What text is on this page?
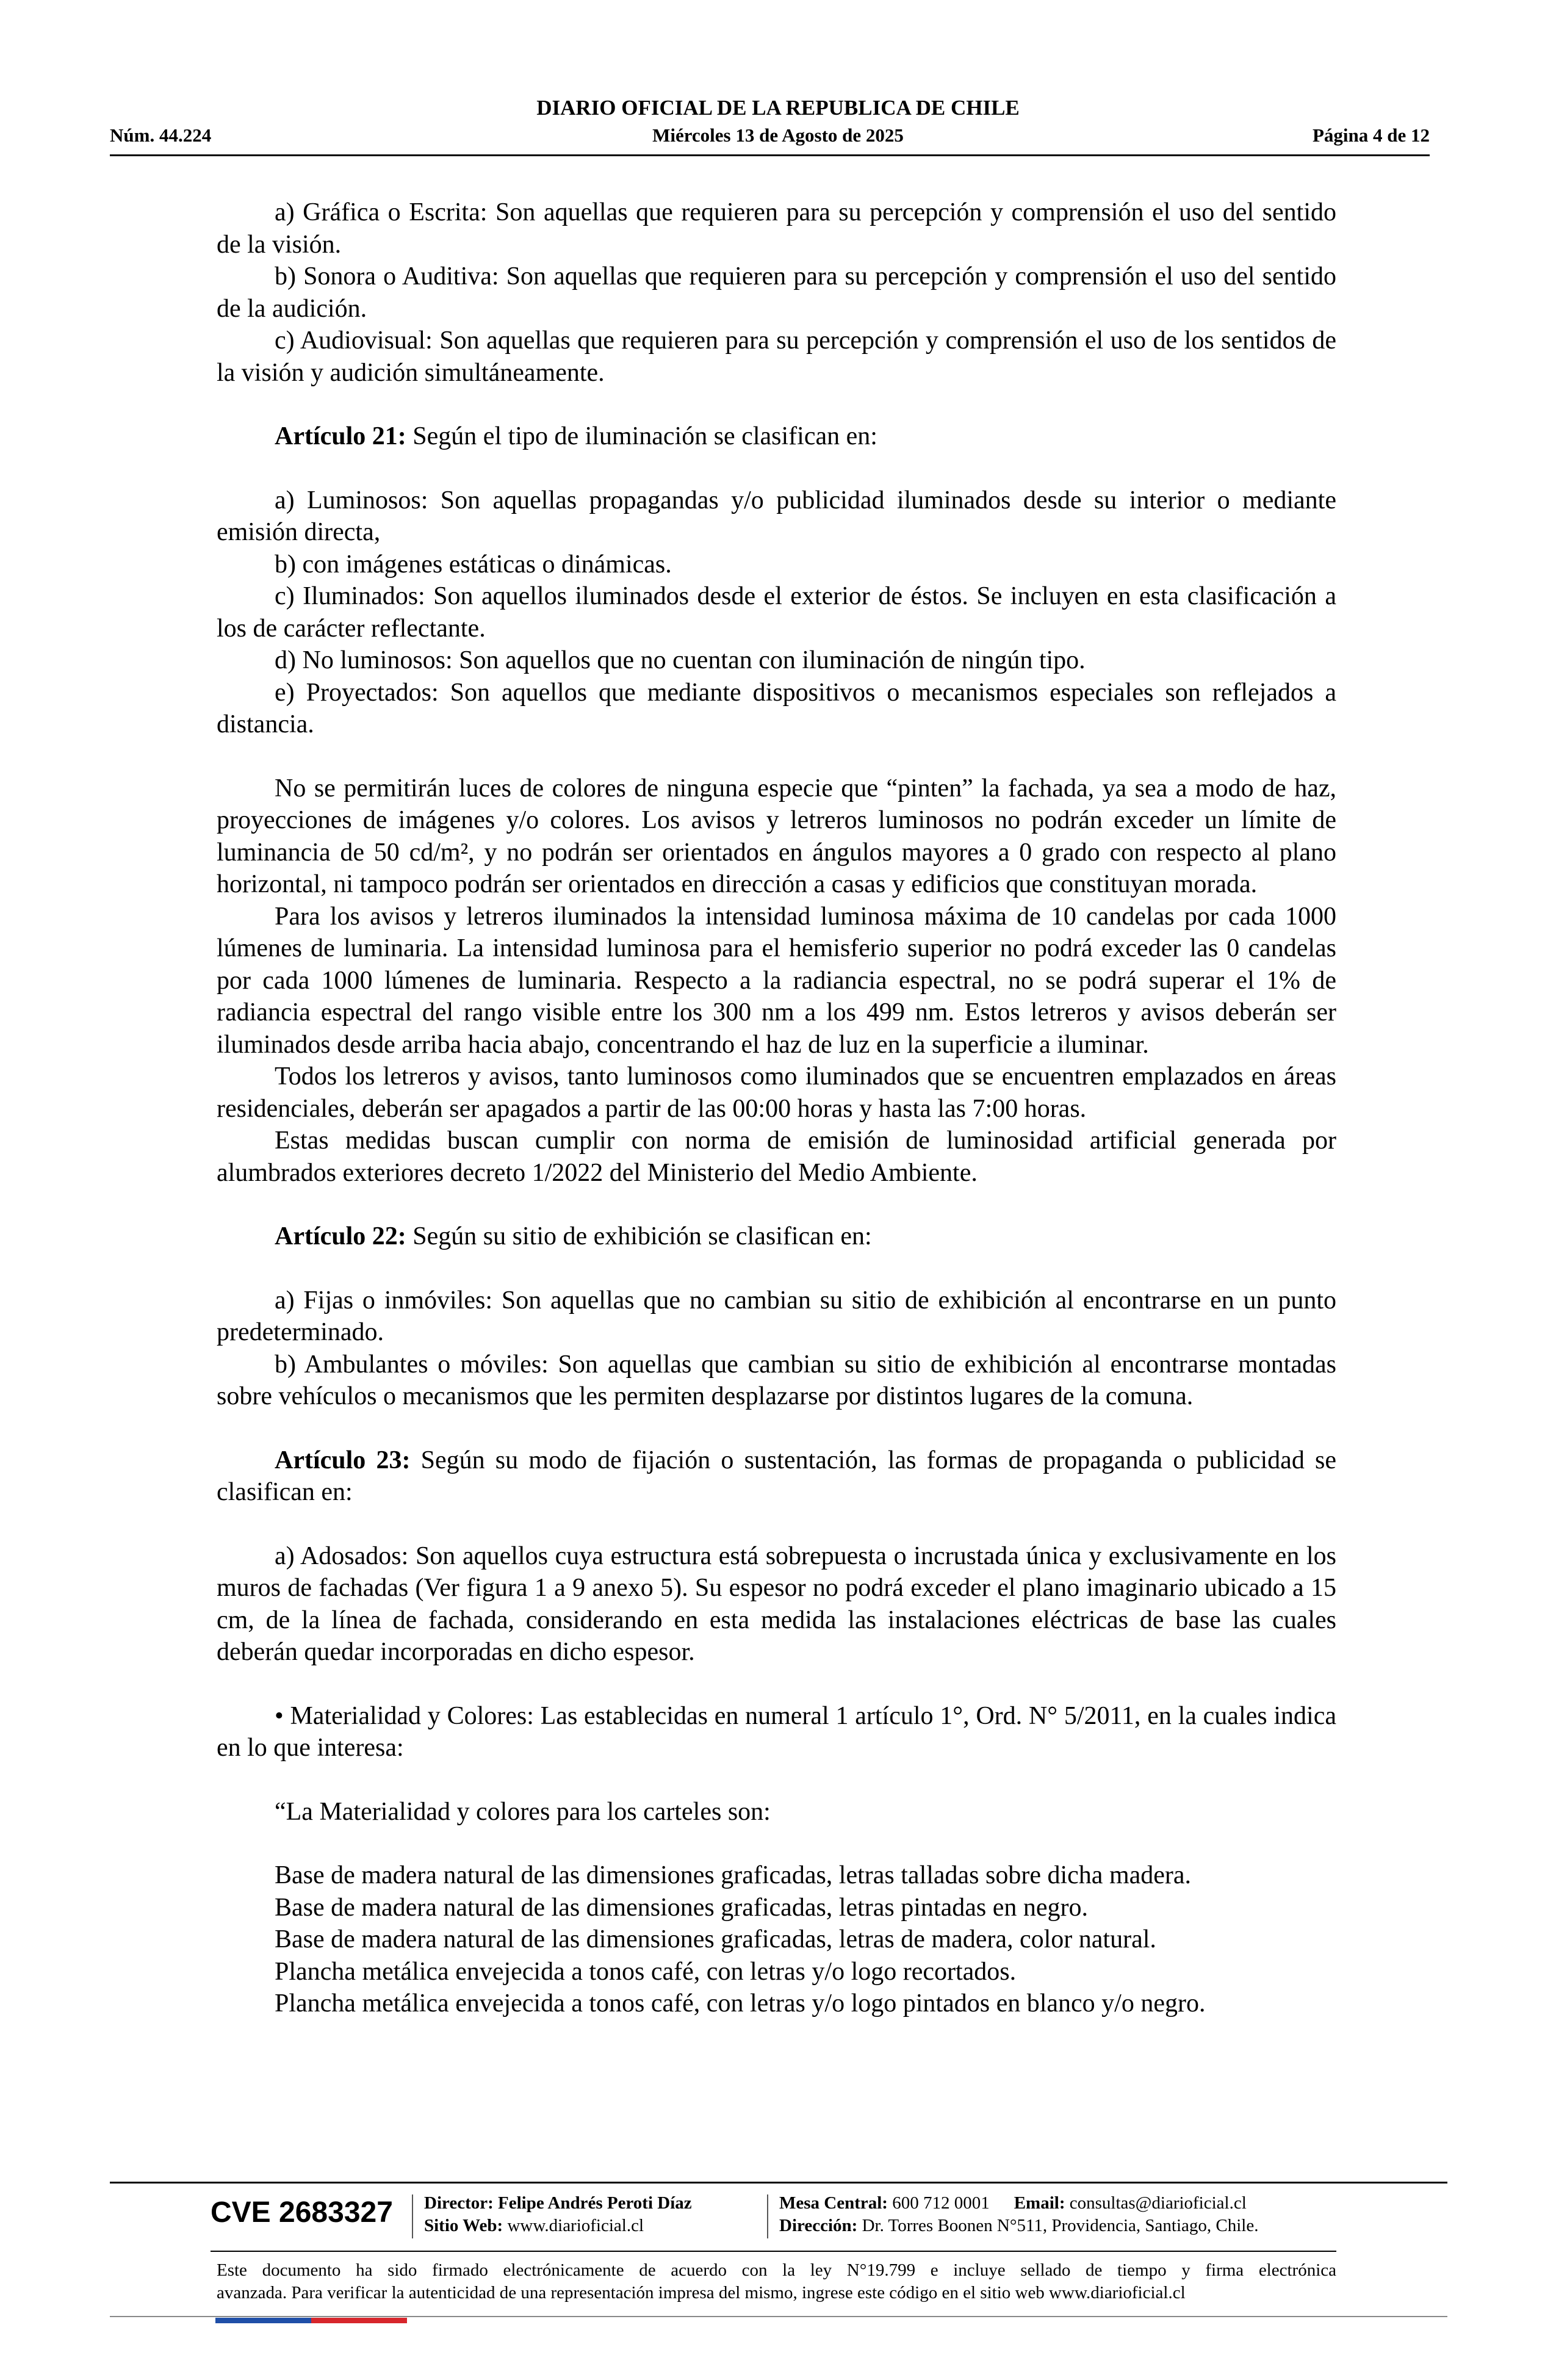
DIARIO OFICIAL DE LA REPUBLICA DE CHILE
Núm. 44.224	Miércoles 13 de Agosto de 2025	Página 4 de 12

a) Gráfica o Escrita: Son aquellas que requieren para su percepción y comprensión el uso del sentido de la visión.

b) Sonora o Auditiva: Son aquellas que requieren para su percepción y comprensión el uso del sentido de la audición.

c) Audiovisual: Son aquellas que requieren para su percepción y comprensión el uso de los sentidos de la visión y audición simultáneamente.

Artículo 21: Según el tipo de iluminación se clasifican en:

a) Luminosos: Son aquellas propagandas y/o publicidad iluminados desde su interior o mediante emisión directa,

b) con imágenes estáticas o dinámicas.

c) Iluminados: Son aquellos iluminados desde el exterior de éstos. Se incluyen en esta clasificación a los de carácter reflectante.

d) No luminosos: Son aquellos que no cuentan con iluminación de ningún tipo.

e) Proyectados: Son aquellos que mediante dispositivos o mecanismos especiales son reflejados a distancia.

No se permitirán luces de colores de ninguna especie que “pinten” la fachada, ya sea a modo de haz, proyecciones de imágenes y/o colores. Los avisos y letreros luminosos no podrán exceder un límite de luminancia de 50 cd/m², y no podrán ser orientados en ángulos mayores a 0 grado con respecto al plano horizontal, ni tampoco podrán ser orientados en dirección a casas y edificios que constituyan morada.

Para los avisos y letreros iluminados la intensidad luminosa máxima de 10 candelas por cada 1000 lúmenes de luminaria. La intensidad luminosa para el hemisferio superior no podrá exceder las 0 candelas por cada 1000 lúmenes de luminaria. Respecto a la radiancia espectral, no se podrá superar el 1% de radiancia espectral del rango visible entre los 300 nm a los 499 nm. Estos letreros y avisos deberán ser iluminados desde arriba hacia abajo, concentrando el haz de luz en la superficie a iluminar.

Todos los letreros y avisos, tanto luminosos como iluminados que se encuentren emplazados en áreas residenciales, deberán ser apagados a partir de las 00:00 horas y hasta las 7:00 horas.

Estas medidas buscan cumplir con norma de emisión de luminosidad artificial generada por alumbrados exteriores decreto 1/2022 del Ministerio del Medio Ambiente.

Artículo 22: Según su sitio de exhibición se clasifican en:

a) Fijas o inmóviles: Son aquellas que no cambian su sitio de exhibición al encontrarse en un punto predeterminado.

b) Ambulantes o móviles: Son aquellas que cambian su sitio de exhibición al encontrarse montadas sobre vehículos o mecanismos que les permiten desplazarse por distintos lugares de la comuna.

Artículo 23: Según su modo de fijación o sustentación, las formas de propaganda o publicidad se clasifican en:

a) Adosados: Son aquellos cuya estructura está sobrepuesta o incrustada única y exclusivamente en los muros de fachadas (Ver figura 1 a 9 anexo 5). Su espesor no podrá exceder el plano imaginario ubicado a 15 cm, de la línea de fachada, considerando en esta medida las instalaciones eléctricas de base las cuales deberán quedar incorporadas en dicho espesor.

• Materialidad y Colores: Las establecidas en numeral 1 artículo 1°, Ord. N° 5/2011, en la cuales indica en lo que interesa:

“La Materialidad y colores para los carteles son:

Base de madera natural de las dimensiones graficadas, letras talladas sobre dicha madera.

Base de madera natural de las dimensiones graficadas, letras pintadas en negro.

Base de madera natural de las dimensiones graficadas, letras de madera, color natural.

Plancha metálica envejecida a tonos café, con letras y/o logo recortados.

Plancha metálica envejecida a tonos café, con letras y/o logo pintados en blanco y/o negro.

CVE 2683327 Director: Felipe Andrés Peroti Díaz
Sitio Web: www.diarioficial.cl
Mesa Central: 600 712 0001 Email: consultas@diarioficial.cl
Dirección: Dr. Torres Boonen N°511, Providencia, Santiago, Chile.
Este documento ha sido firmado electrónicamente de acuerdo con la ley N°19.799 e incluye sellado de tiempo y firma electrónica
avanzada. Para verificar la autenticidad de una representación impresa del mismo, ingrese este código en el sitio web www.diarioficial.cl
